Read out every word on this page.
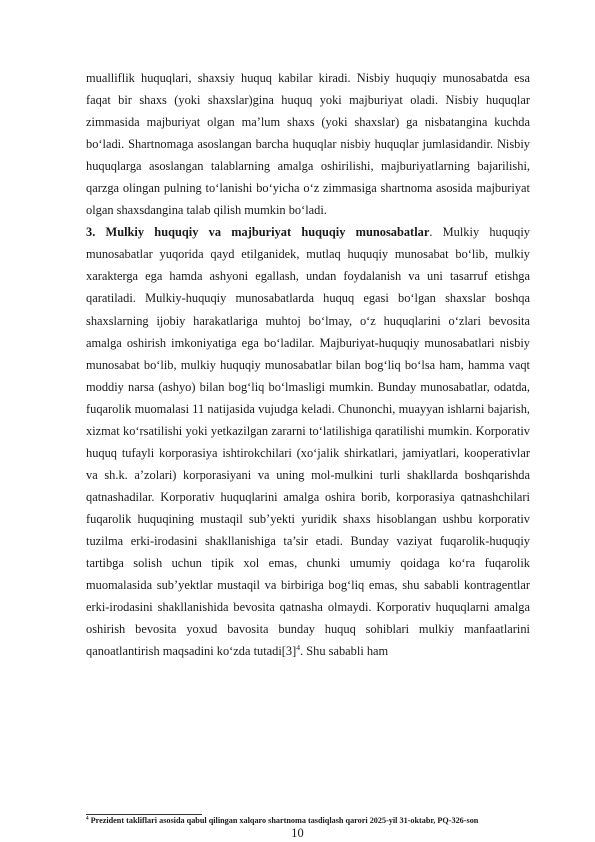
mualliflik huquqlari, shaxsiy huquq kabilar kiradi. Nisbiy huquqiy munosabatda esa faqat bir shaxs (yoki shaxslar)gina huquq yoki majburiyat oladi. Nisbiy huquqlar zimmasida majburiyat olgan ma’lum shaxs (yoki shaxslar) ga nisbatangina kuchda bo‘ladi. Shartnomaga asoslangan barcha huquqlar nisbiy huquqlar jumlasidandir. Nisbiy huquqlarga asoslangan talablarning amalga oshirilishi, majburiyatlarning bajarilishi, qarzga olingan pulning to‘lanishi bo‘yicha o‘z zimmasiga shartnoma asosida majburiyat olgan shaxsdangina talab qilish mumkin bo‘ladi.

3. Mulkiy huquqiy va majburiyat huquqiy munosabatlar. Mulkiy huquqiy munosabatlar yuqorida qayd etilganidek, mutlaq huquqiy munosabat bo‘lib, mulkiy xarakterga ega hamda ashyoni egallash, undan foydalanish va uni tasarruf etishga qaratiladi. Mulkiy-huquqiy munosabatlarda huquq egasi bo‘lgan shaxslar boshqa shaxslarning ijobiy harakatlariga muhtoj bo‘lmay, o‘z huquqlarini o‘zlari bevosita amalga oshirish imkoniyatiga ega bo‘ladilar. Majburiyat-huquqiy munosabatlari nisbiy munosabat bo‘lib, mulkiy huquqiy munosabatlar bilan bog‘liq bo‘lsa ham, hamma vaqt moddiy narsa (ashyo) bilan bog‘liq bo‘lmasligi mumkin. Bunday munosabatlar, odatda, fuqarolik muomalasi 11 natijasida vujudga keladi. Chunonchi, muayyan ishlarni bajarish, xizmat ko‘rsatilishi yoki yetkazilgan zararni to‘latilishiga qaratilishi mumkin. Korporativ huquq tufayli korporasiya ishtirokchilari (xo‘jalik shirkatlari, jamiyatlari, kooperativlar va sh.k. a’zolari) korporasiyani va uning mol-mulkini turli shakllarda boshqarishda qatnashadilar. Korporativ huquqlarini amalga oshira borib, korporasiya qatnashchilari fuqarolik huquqining mustaqil sub’yekti yuridik shaxs hisoblangan ushbu korporativ tuzilma erki-irodasini shakllanishiga ta’sir etadi. Bunday vaziyat fuqarolik-huquqiy tartibga solish uchun tipik xol emas, chunki umumiy qoidaga ko‘ra fuqarolik muomalasida sub’yektlar mustaqil va birbiriga bog‘liq emas, shu sababli kontragentlar erki-irodasini shakllanishida bevosita qatnasha olmaydi. Korporativ huquqlarni amalga oshirish bevosita yoxud bavosita bunday huquq sohiblari mulkiy manfaatlarini qanoatlantirish maqsadini ko‘zda $tutadi[3]^4$. Shu sababli ham

$^4$ Prezident takliflari asosida qabul qilingan xalqaro shartnoma tasdiqlash qarori 2025-yil 31-oktabr, PQ-326-son
10
